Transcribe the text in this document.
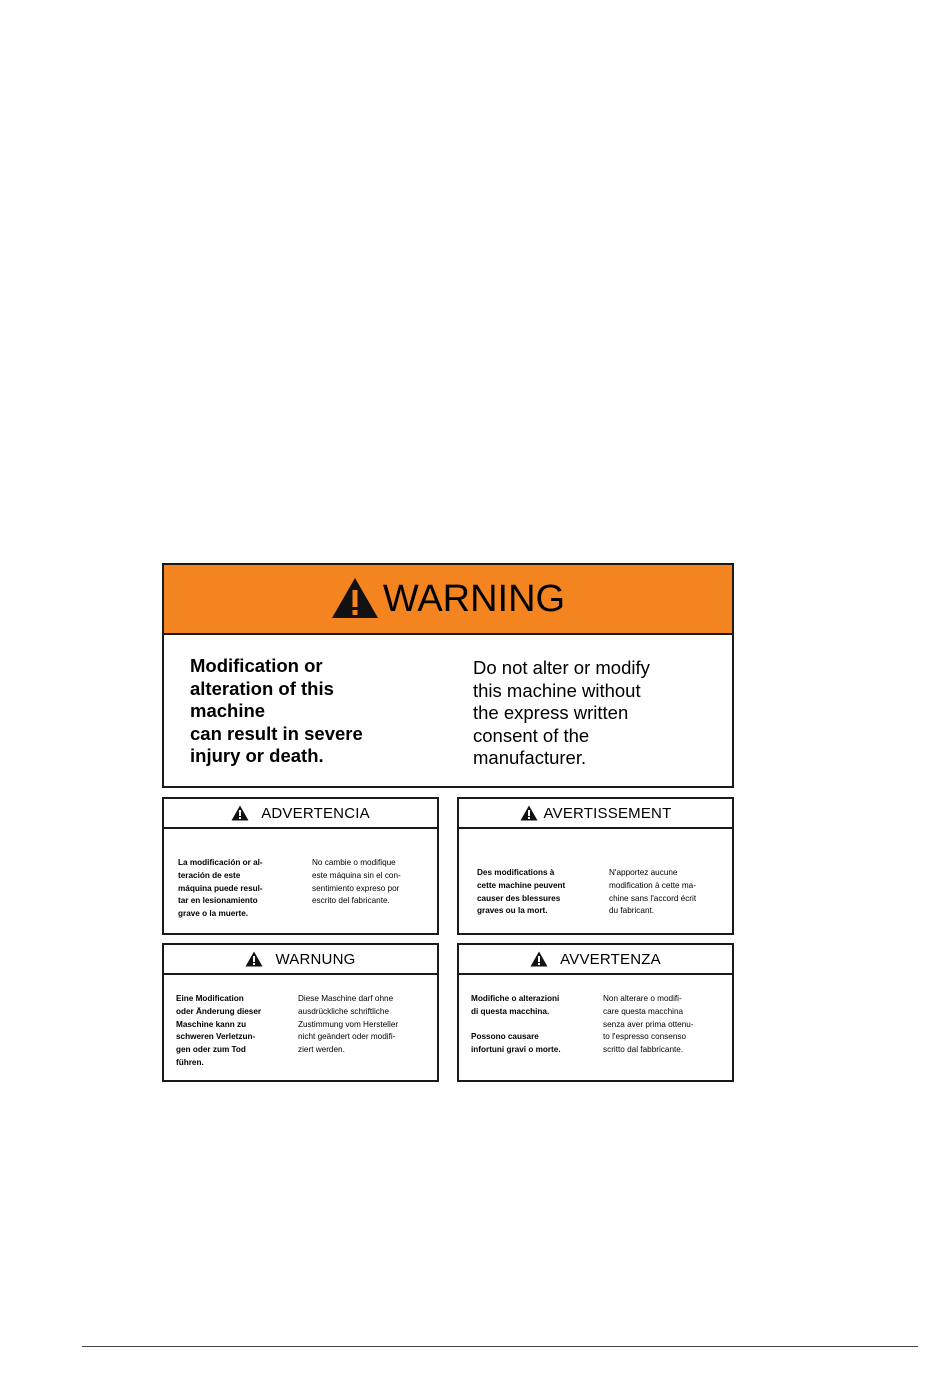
WARNING
Modification or
alteration of this
machine
can result in severe
injury or death.
Do not alter or modify
this machine without
the express written
consent of the
manufacturer.
ADVERTENCIA
La modificación or al-
teración de este
máquina puede resul-
tar en lesionamiento
grave o la muerte.
No cambie o modifique
este máquina sin el con-
sentimiento expreso por
escrito del fabricante.
AVERTISSEMENT
Des modifications à
cette machine peuvent
causer des blessures
graves ou la mort.
N'apportez aucune
modification à cette ma-
chine sans l'accord écrit
du fabricant.
WARNUNG
Eine Modification
oder Änderung dieser
Maschine kann zu
schweren Verletzun-
gen oder zum Tod
führen.
Diese Maschine darf ohne
ausdrückliche schriftliche
Zustimmung vom Hersteller
nicht geändert oder modifi-
ziert werden.
AVVERTENZA
Modifiche o alterazioni
di questa macchina.

Possono causare
infortuni gravi o morte.
Non alterare o modifi-
care questa macchina
senza aver prima ottenu-
to l'espresso consenso
scritto dal fabbricante.
